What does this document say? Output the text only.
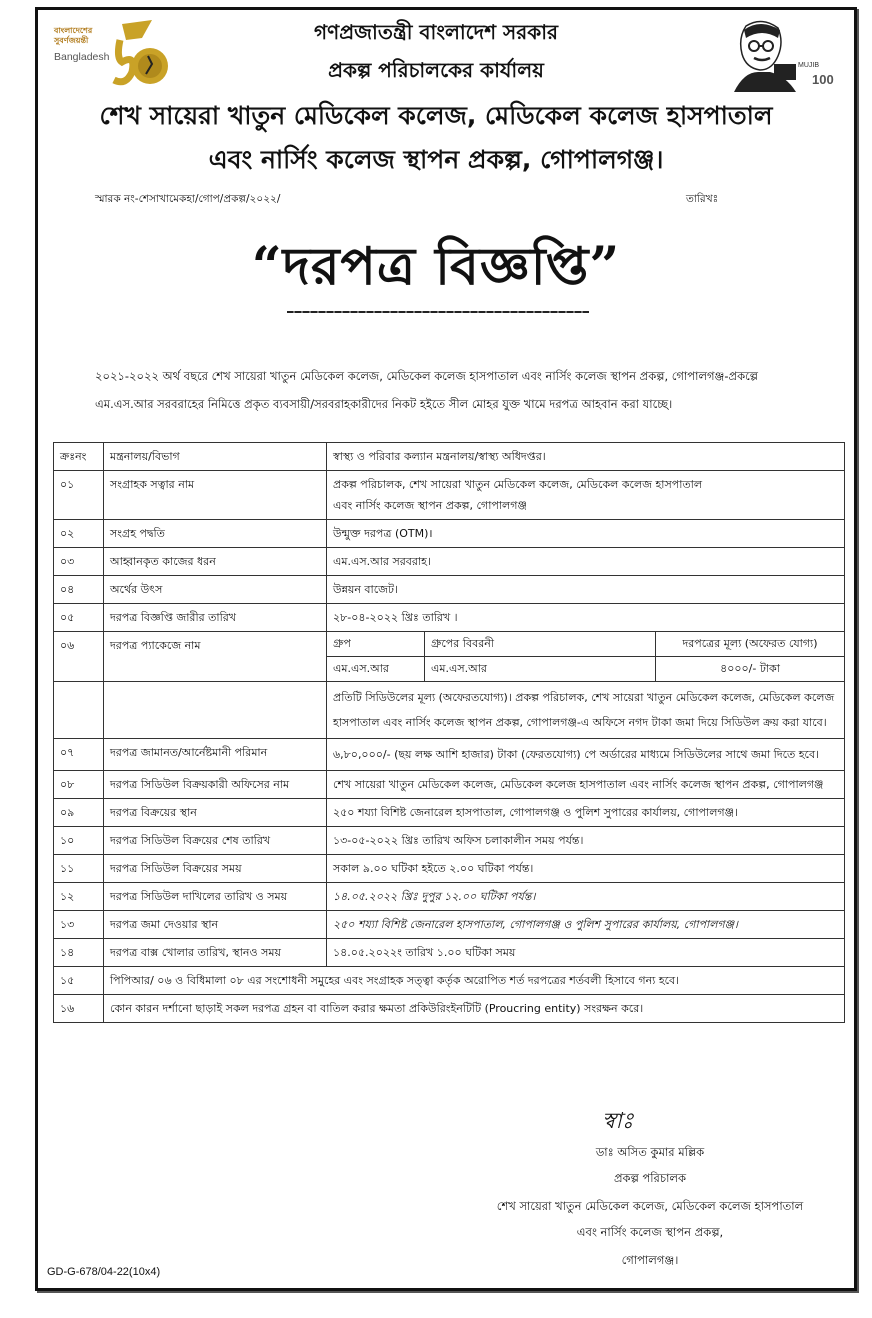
বাংলাদেশের
সুবর্ণজয়ন্তী
Bangladesh
MUJIB
100
গণপ্রজাতন্ত্রী বাংলাদেশ সরকার
প্রকল্প পরিচালকের কার্যালয়
শেখ সায়েরা খাতুন মেডিকেল কলেজ, মেডিকেল কলেজ হাসপাতাল
এবং নার্সিং কলেজ স্থাপন প্রকল্প, গোপালগঞ্জ।
স্মারক নং-শেসাখামেকহা/গোপ/প্রকল্প/২০২২/	তারিখঃ
“দরপত্র বিজ্ঞপ্তি”
২০২১-২০২২ অর্থ বছরে শেখ সায়েরা খাতুন মেডিকেল কলেজ, মেডিকেল কলেজ হাসপাতাল এবং নার্সিং কলেজ স্থাপন প্রকল্প, গোপালগঞ্জ-প্রকল্পে
এম.এস.আর সরবরাহের নিমিত্তে প্রকৃত ব্যবসায়ী/সরবরাহকারীদের নিকট হইতে সীল মোহর যুক্ত খামে দরপত্র আহবান করা যাচ্ছে।
ক্রঃনং	মন্ত্রনালয়/বিভাগ	স্বাস্থ্য ও পরিবার কল্যান মন্ত্রনালয়/স্বাস্থ্য অধিদপ্তর।
০১	সংগ্রাহক সত্বার নাম	প্রকল্প পরিচালক, শেখ সায়েরা খাতুন মেডিকেল কলেজ, মেডিকেল কলেজ হাসপাতাল
এবং নার্সিং কলেজ স্থাপন প্রকল্প, গোপালগঞ্জ

০২	সংগ্রহ পদ্বতি	উন্মুক্ত দরপত্র (OTM)।
০৩	আহ্বানকৃত কাজের ধরন	এম.এস.আর সরবরাহ।
০৪	অর্থের উৎস	উন্নয়ন বাজেট।
০৫	দরপত্র বিজ্ঞপ্তি জারীর তারিখ	২৮-০৪-২০২২ খ্রিঃ তারিখ ।
০৬	দরপত্র প্যাকেজে নাম		গ্রুপ	গ্রুপের বিবরনী	দরপত্রের মূল্য (অফেরত যোগ্য)
এম.এস.আর	এম.এস.আর	৪০০০/- টাকা

		প্রতিটি সিডিউলের মূল্য (অফেরতযোগ্য)। প্রকল্প পরিচালক, শেখ সায়েরা খাতুন মেডিকেল কলেজ, মেডিকেল কলেজ হাসপাতাল এবং নার্সিং কলেজ স্থাপন প্রকল্প, গোপালগঞ্জ-এ অফিসে নগদ টাকা জমা দিয়ে সিডিউল ক্রয় করা যাবে।
০৭	দরপত্র জামানত/আর্নেষ্টমানী পরিমান	৬,৮০,০০০/- (ছয় লক্ষ আশি হাজার) টাকা (ফেরতযোগ্য) পে অর্ডারের মাধ্যমে সিডিউলের সাথে জমা দিতে হবে।
০৮	দরপত্র সিডিউল বিক্রয়কারী অফিসের নাম	শেখ সায়েরা খাতুন মেডিকেল কলেজ, মেডিকেল কলেজ হাসপাতাল এবং নার্সিং কলেজ স্থাপন প্রকল্প, গোপালগঞ্জ
০৯	দরপত্র বিক্রয়ের স্থান	২৫০ শয্যা বিশিষ্ট জেনারেল হাসপাতাল, গোপালগঞ্জ ও পুলিশ সুপারের কার্যালয়, গোপালগঞ্জ।
১০	দরপত্র সিডিউল বিক্রয়ের শেষ তারিখ	১৩-০৫-২০২২ খ্রিঃ তারিখ অফিস চলাকালীন সময় পর্যন্ত।
১১	দরপত্র সিডিউল বিক্রয়ের সময়	সকাল ৯.০০ ঘটিকা হইতে ২.০০ ঘটিকা পর্যন্ত।
১২	দরপত্র সিডিউল দাখিলের তারিখ ও সময়	১৪.০৫.২০২২ খ্রিঃ দুপুর ১২.০০ ঘটিকা পর্যন্ত।
১৩	দরপত্র জমা দেওয়ার স্থান	২৫০ শয্যা বিশিষ্ট জেনারেল হাসপাতাল, গোপালগঞ্জ ও পুলিশ সুপারের কার্যালয়, গোপালগঞ্জ।
১৪	দরপত্র বাক্স খোলার তারিখ, স্থানও সময়	১৪.০৫.২০২২ং তারিখ ১.০০ ঘটিকা সময়
১৫	পিপিআর/ ০৬ ও বিধিমালা ০৮ এর সংশোধনী সমুহের এবং সংগ্রাহক সত্ত্বা কর্তৃক অরোপিত শর্ত দরপত্রের শর্তবলী হিসাবে গন্য হবে।
১৬	কোন কারন দর্শানো ছাড়াই সকল দরপত্র গ্রহন বা বাতিল করার ক্ষমতা প্রকিউরিংইনটিটি (Proucring entity) সংরক্ষন করে।
স্বাঃ
ডাঃ অসিত কুমার মল্লিক
প্রকল্প পরিচালক
শেখ সায়েরা খাতুন মেডিকেল কলেজ, মেডিকেল কলেজ হাসপাতাল
এবং নার্সিং কলেজ স্থাপন প্রকল্প,
গোপালগঞ্জ।
GD-G-678/04-22(10x4)
